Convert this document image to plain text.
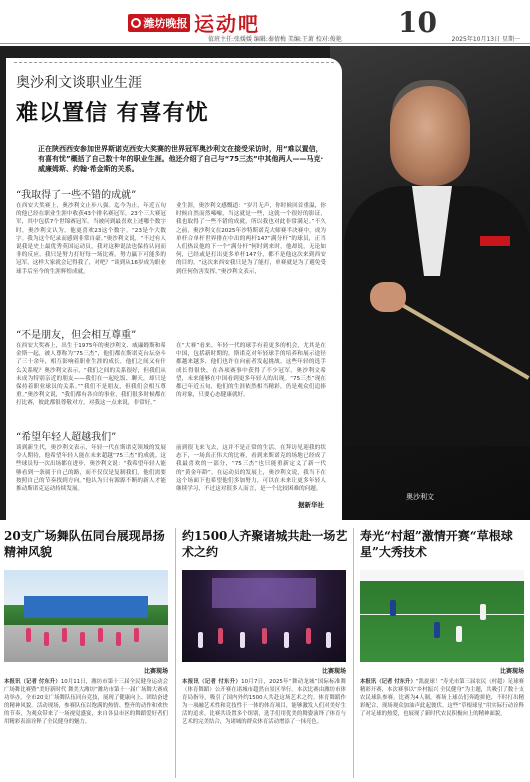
潍坊晚报 运动吧	10
值班主任:张媛媛 编辑:秦倩梅 美编:王萧 校对:俊艳	2025年10月13日 星期一
奥沙利文
奥沙利文谈职业生涯
难以置信 有喜有忧
正在陕西西安参加世界斯诺克西安大奖赛的世界冠军奥沙利文在接受采访时，用“难以置信，有喜有忧”概括了自己数十年的职业生涯。他还介绍了自己与“75三杰”中其他两人——马克·威廉姆斯、约翰·希金斯的关系。
“我取得了一些不错的成就”
在西安大奖赛上，奥沙利文止步八强。迄今为止，年近五旬的他已经在职业生涯中收获43个排名赛冠军，23个三大赛冠军，其中包括7个世锦赛冠军。当被问到最喜欢上述哪个数字时，奥沙利文认为，他更喜欢23这个数字。“23是个大数字。我为这个纪录而感到非常自豪。”奥沙利文说，“不过有人说我是史上最优秀英国运动员，我对这种说法也保持认同而非的反应。我只是努力打好每一场比赛，努力赢下可能多的冠军，这样大家就会记得我了，对吧？”谈到从16岁成为职业球手后至今的生涯辉煌成就，
业生涯，奥沙利文感慨道：“岁月无声，你时候回首重温，你时候自然而然唏嘘，当这就是一些，这就一个很好的影证，我也取得了一些不错的成就，所以我也对此非常满足。”不久之前，奥沙利文在2025年沙特斯诺克大师赛半决赛中，成为单杆合单杆世界排在中出的两杆147“满分杆”的球员，正当人们热议他的下一个“满分杆”何时到来时，他却说，无论如何，已经或是打出更多单杆147分，都不是他这次来到西安的目的。“这次来西安我只是为了能打，单赛就是为了避免受到任何伤害发挥。”奥沙利文表示，
“不是朋友，但会相互尊重”
在西安大奖赛上，出生于1975年的奥沙利文、威廉姆斯和希金斯一起，被人尊称为“75三杰”，他们都在斯诺克台坛奋斗了三十余年，相互影响着职业生涯的成长，他们之间又有什么关系呢？奥沙利文表示，“我们之间的关系很好，但我们从未成为特别亲近的朋友——我们在一起吃饭、聊天，却只是保持着职业球员的关系。”“我们不是朋友，但我们会相互尊重。”奥沙利文说，“我们都有各自的事业，我们很多时候都在打比赛，彼此都很尊敬对方，对我这一点来说，非常好。”
在“大赛”看来，年轻一代的球手有着更多的机会，尤其是在中国，包括新时期的，斯诺克对年轻球手的培养和展示途径都越来越多，他们也许在向前者发起挑战。这些年轻的选手成长得很快，在各项赛事中获得了不少冠军，奥沙利文希望，未来能够在中国看到更多年轻人的出现。“75三杰”现在都已年近五旬，他们的生涯依然相当精彩，仍是观众们追捧的对象，只要心态健康就好。
“希望年轻人超越我们”
谈到新生代，奥沙利文表示，年轻一代在斯诺克领域的发展令人期待，他希望年轻人能在未来超越“75三杰”的成就。这些球员每一次出场都在进步，奥沙利文说：“我希望年轻人能够看到一条属于自己的路，而不仅仅是复制我们，他们需要按照自己的节奏找到方向。”他认为只有源源不断的新人才能推动斯诺克运动持续发展。
前到很飞来飞去，这并不是正常的生活，在拜访见迎我的状态下，一场真正伟大的比赛，看到来斯诺克的场地已经成了我最喜欢的一部分，“75三杰”也只能重新定义了新一代的“黄金年龄”。在运动员的发展上，奥沙利文说，我当下在这个场面下也希望他们多加努力，可以在未来让更多年轻人继续学习，不过这对很多人而言，是一个比较困难的问题。
据新华社
20支广场舞队伍同台展现昂扬精神风貌
比赛现场
本报讯（记者 付东升）10月11日，潍坊市第十三届全民健身运动会广场舞比赛暨“美好新时代 舞美大潍坊”潍坊市第十一届广场舞大赛成功举办，全市20支广场舞队伍同台竞技，展现了健康向上、团结奋进的精神风貌。活动现场，参赛队伍以饱满的热情、整齐的动作和欢快的节奏，为观众带来了一场视觉盛宴，来自各县市区的舞蹈爱好者们用精彩表演诠释了全民健身的魅力。
约1500人齐聚诸城共赴一场艺术之约
比赛现场
本报讯（记者 付东升）10月7日，2025年“舞动龙城”国际标准舞（体育舞蹈）公开赛在诸城市超然台景区举行。本次比赛由潍坊市体育局指导，吸引了国内外约1500人共赴这场艺术之约。体育舞蹈作为一项融艺术性和竞技性于一体的体育项目，能够激发人们对美好生活的追求。比赛共设置多个组别，选手们用优美的舞姿演绎了体育与艺术的完美结合，为诸城的群众体育活动增添了一抹亮色。
寿光“村超”激情开赛“草根球星”大秀技术
比赛现场
本报讯（记者 付东升）“凯旋球！”寿光市第三届农民（村超）足球赛精彩开赛，本次赛事以“乡村振兴 全民健身”为主题，共吸引了数十支农民球队参赛。比赛为4人制，赛场上球员们奔跑拼抢，不时打出精彩配合，现场观众加油声此起彼伏。这些“草根球星”用实际行动诠释了对足球的热爱，也展现了新时代农民积极向上的精神面貌。
